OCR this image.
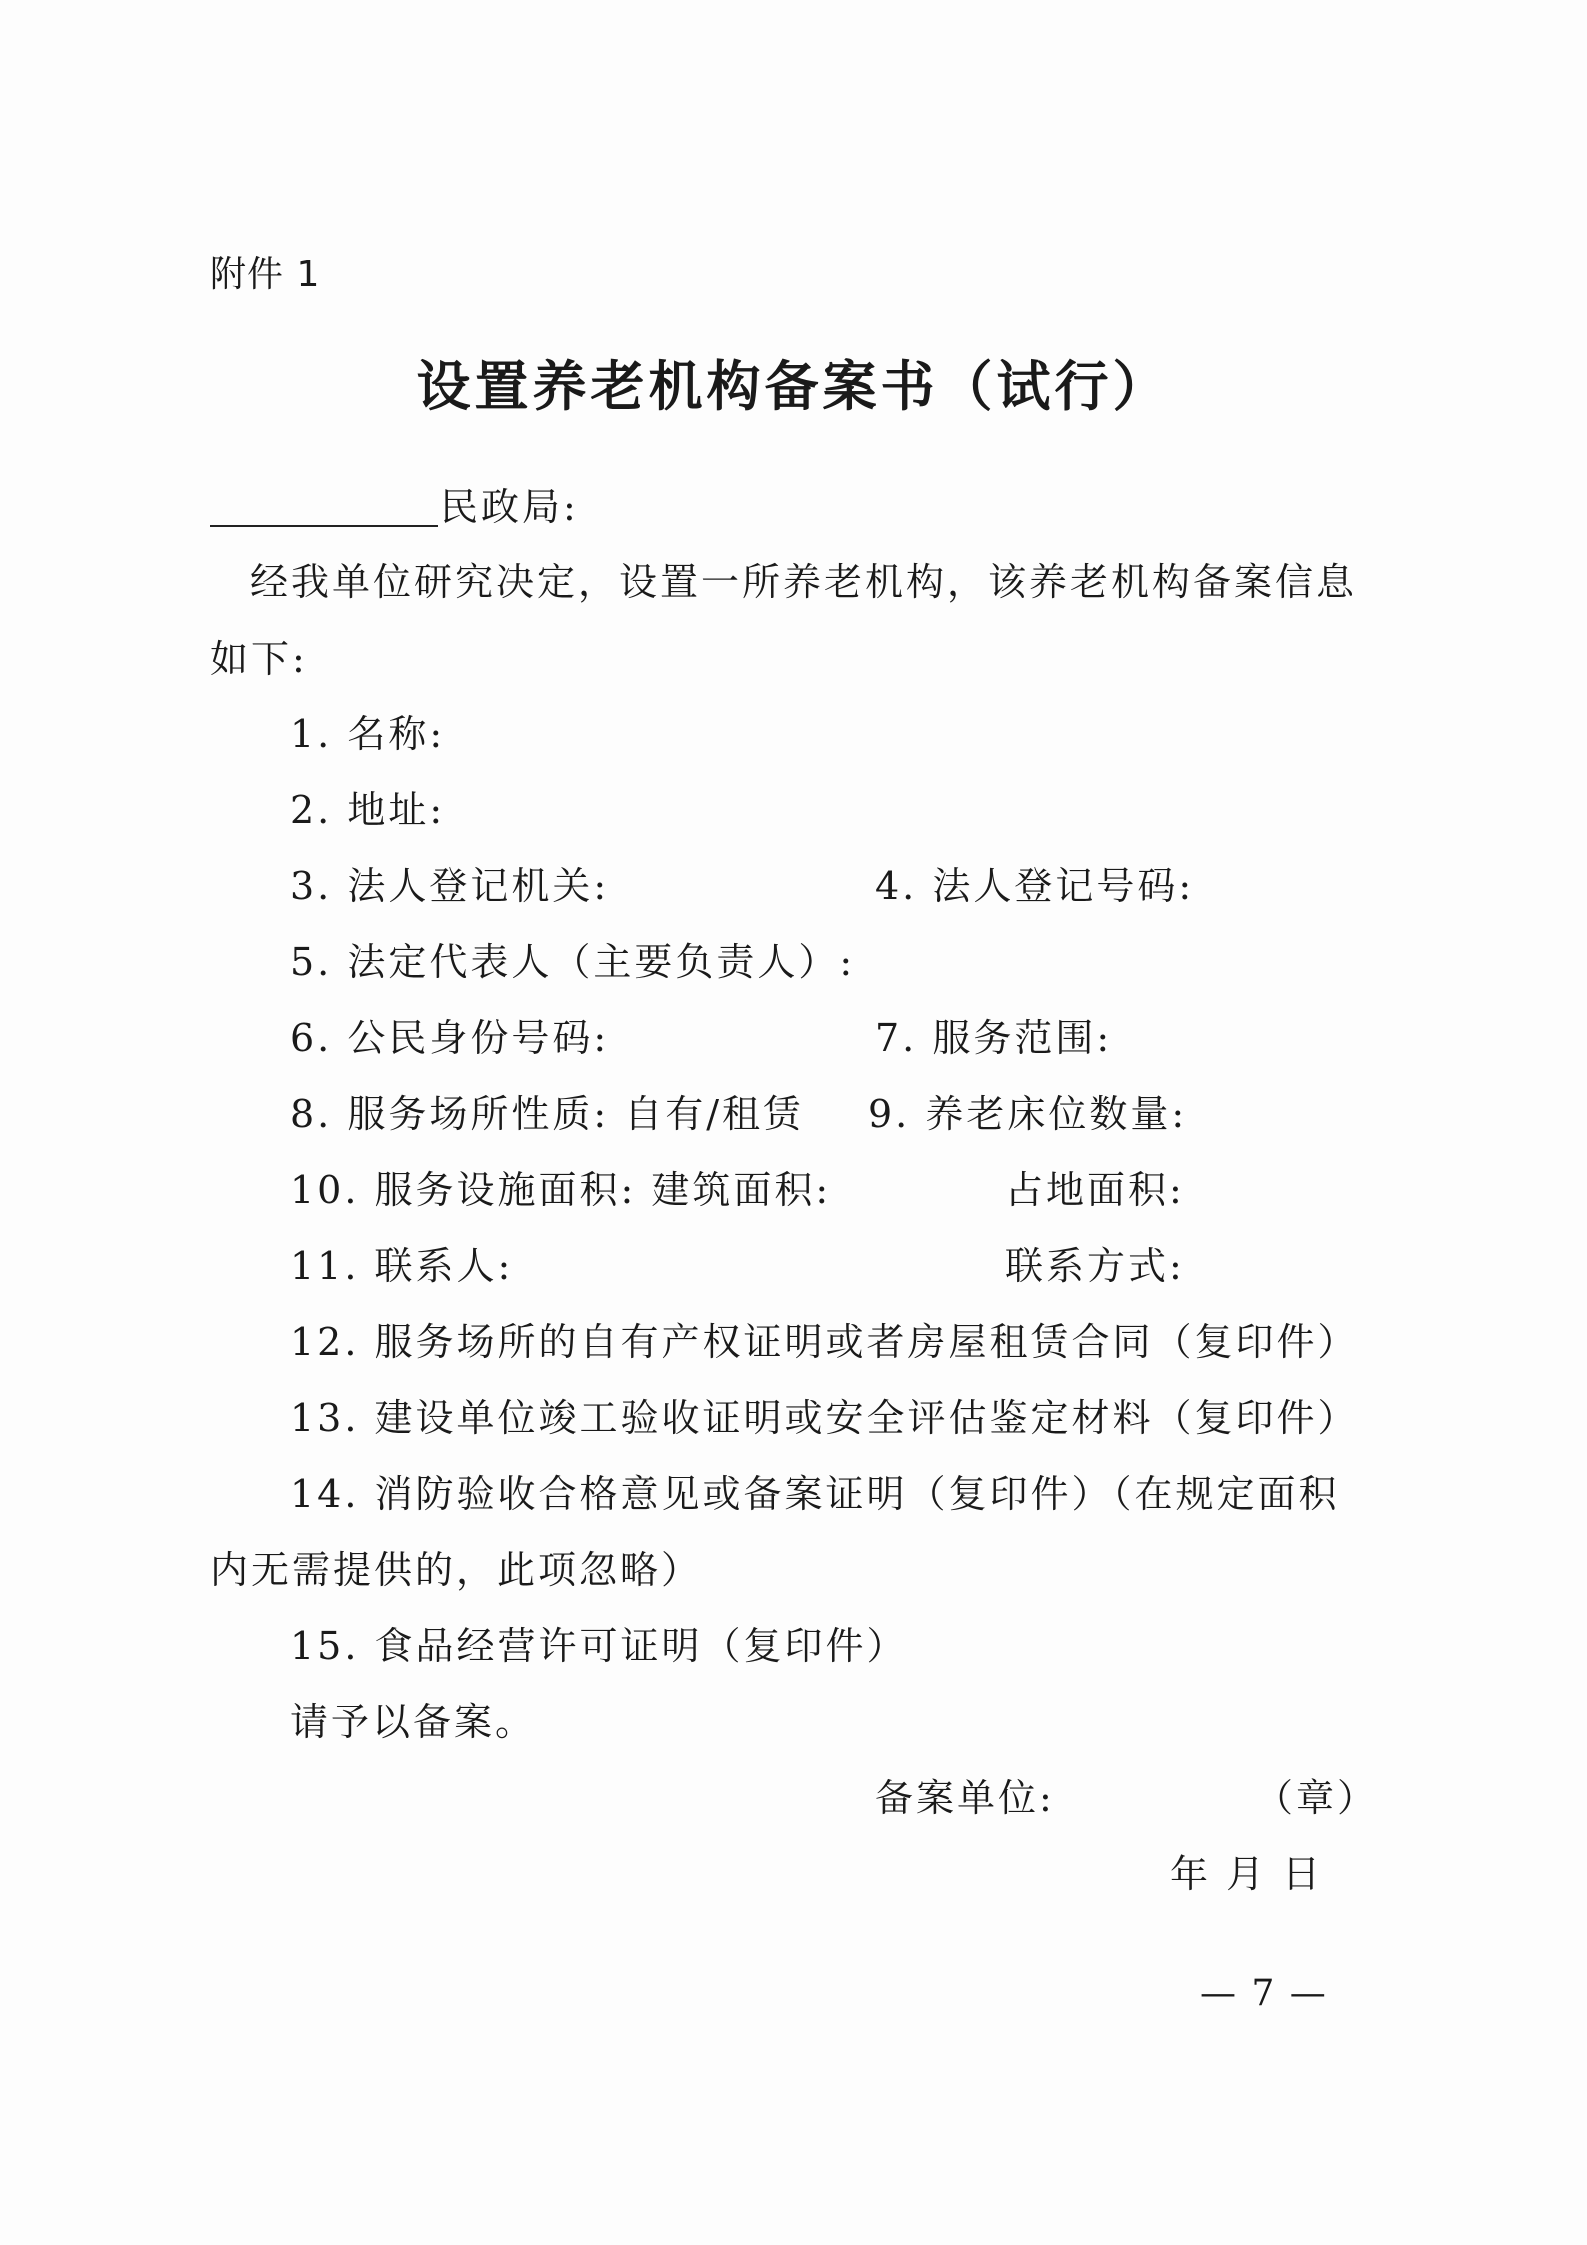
附件 1
设置养老机构备案书（试行）
民政局:
经我单位研究决定，设置一所养老机构，该养老机构备案信息
如下:
1. 名称:
2. 地址:
3. 法人登记机关:	4. 法人登记号码:
5. 法定代表人（主要负责人）:
6. 公民身份号码:	7. 服务范围:
8. 服务场所性质: 自有/租赁 9. 养老床位数量:
10. 服务设施面积: 建筑面积:	占地面积:
11. 联系人:	联系方式:
12. 服务场所的自有产权证明或者房屋租赁合同（复印件）
13. 建设单位竣工验收证明或安全评估鉴定材料（复印件）
14. 消防验收合格意见或备案证明（复印件）（在规定面积
内无需提供的，此项忽略）
15. 食品经营许可证明（复印件）
请予以备案。
备案单位:	（章）
年 月 日
— 7 —
